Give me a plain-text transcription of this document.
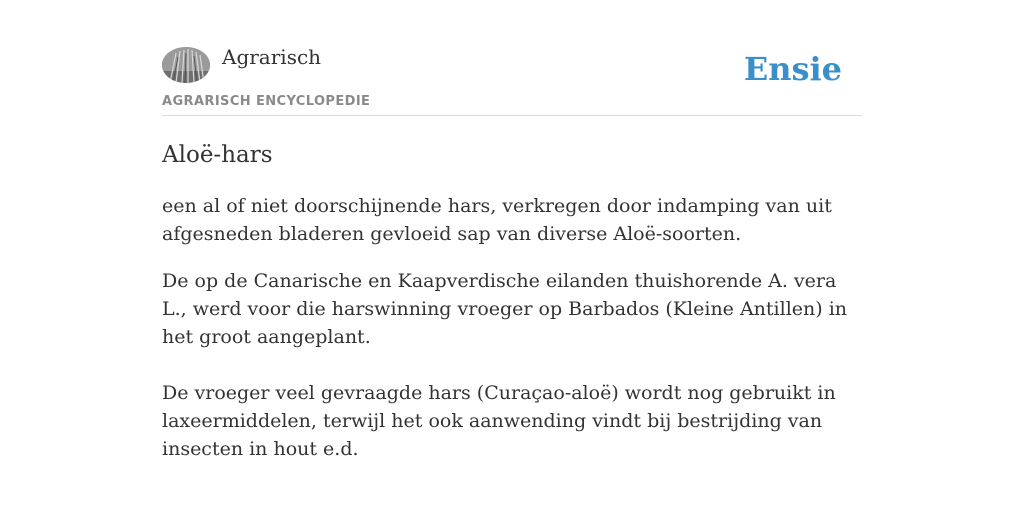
Agrarisch
AGRARISCH ENCYCLOPEDIE
Ensie
Aloë-hars

een al of niet doorschijnende hars, verkregen door indamping van uit afgesneden bladeren gevloeid sap van diverse Aloë-soorten.

De op de Canarische en Kaapverdische eilanden thuishorende A. vera L., werd voor die harswinning vroeger op Barbados (Kleine Antillen) in het groot aangeplant.

De vroeger veel gevraagde hars (Curaçao-aloë) wordt nog gebruikt in laxeermiddelen, terwijl het ook aanwending vindt bij bestrijding van insecten in hout e.d.
